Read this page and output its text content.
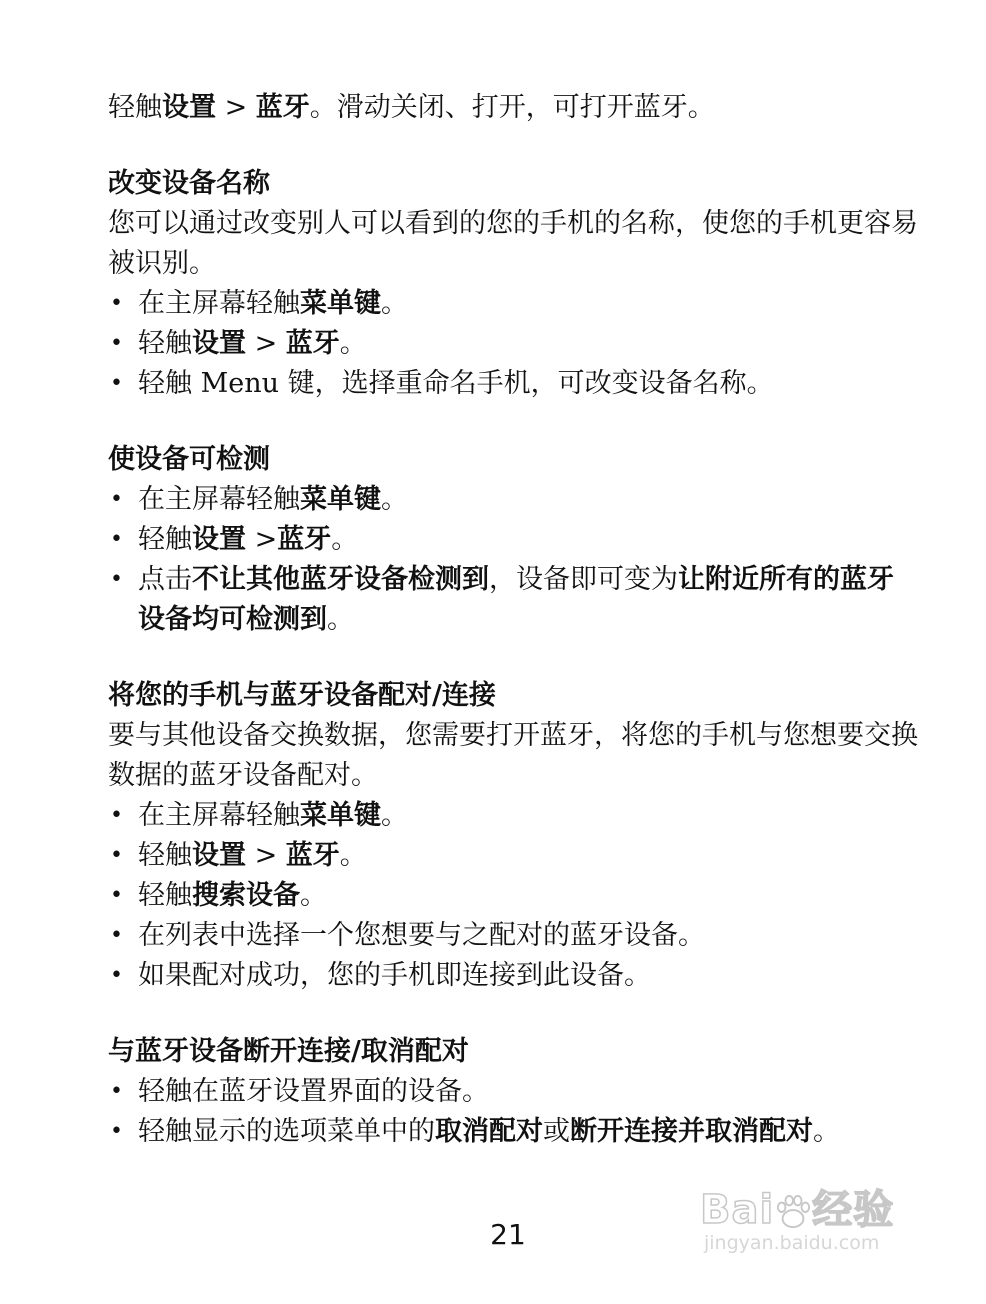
轻触设置 > 蓝牙。滑动关闭、打开，可打开蓝牙。
改变设备名称
您可以通过改变别人可以看到的您的手机的名称，使您的手机更容易被识别。
• 在主屏幕轻触菜单键。
• 轻触设置 > 蓝牙。
• 轻触 Menu 键，选择重命名手机，可改变设备名称。
使设备可检测
• 在主屏幕轻触菜单键。
• 轻触设置 >蓝牙。
• 点击不让其他蓝牙设备检测到，设备即可变为让附近所有的蓝牙设备均可检测到。
将您的手机与蓝牙设备配对/连接
要与其他设备交换数据，您需要打开蓝牙，将您的手机与您想要交换数据的蓝牙设备配对。
• 在主屏幕轻触菜单键。
• 轻触设置 > 蓝牙。
• 轻触搜索设备。
• 在列表中选择一个您想要与之配对的蓝牙设备。
• 如果配对成功，您的手机即连接到此设备。
与蓝牙设备断开连接/取消配对
• 轻触在蓝牙设置界面的设备。
• 轻触显示的选项菜单中的取消配对或断开连接并取消配对。
21
Bai 经验
jingyan.baidu.com
